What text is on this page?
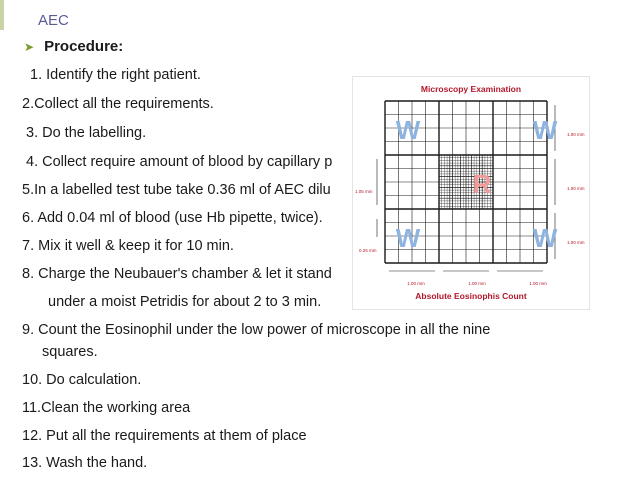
AEC
➤ Procedure:
1. Identify the right patient.
2.Collect all the requirements.
3. Do the labelling.
4. Collect require amount of blood by capillary p
5.In a labelled test tube take 0.36 ml of AEC dilu
6. Add 0.04 ml of blood (use Hb pipette, twice).
7. Mix it well & keep it for 10 min.
8. Charge the Neubauer's chamber & let it stand
under a moist Petridis for about 2 to 3 min.
9. Count the Eosinophil under the low power of microscope in all the nine
squares.
10. Do calculation.
11.Clean the working area
12. Put all the requirements at them of place
13. Wash the hand.
Microscopy Examination
W	W
W	W
R
1.05 mm
0.25 mm
1.00 mm
1.00 mm
1.00 mm
1.00 mm	1.00 mm	1.00 mm
Absolute Eosinophis Count
